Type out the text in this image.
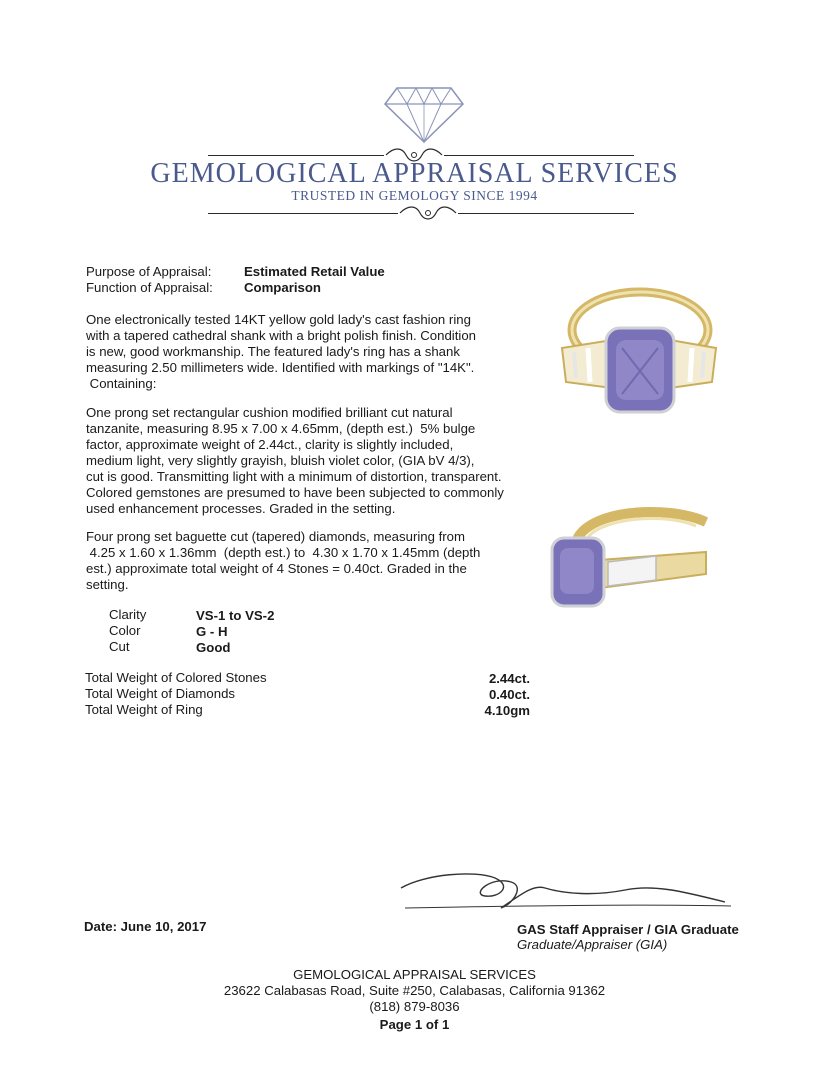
GEMOLOGICAL APPRAISAL SERVICES
TRUSTED IN GEMOLOGY SINCE 1994
Purpose of Appraisal: Estimated Retail Value
Function of Appraisal: Comparison
One electronically tested 14KT yellow gold lady's cast fashion ring
with a tapered cathedral shank with a bright polish finish. Condition
is new, good workmanship. The featured lady's ring has a shank
measuring 2.50 millimeters wide. Identified with markings of "14K".
Containing:
One prong set rectangular cushion modified brilliant cut natural
tanzanite, measuring 8.95 x 7.00 x 4.65mm, (depth est.)  5% bulge
factor, approximate weight of 2.44ct., clarity is slightly included,
medium light, very slightly grayish, bluish violet color, (GIA bV 4/3),
cut is good. Transmitting light with a minimum of distortion, transparent.
Colored gemstones are presumed to have been subjected to commonly
used enhancement processes. Graded in the setting.
Four prong set baguette cut (tapered) diamonds, measuring from
4.25 x 1.60 x 1.36mm  (depth est.) to  4.30 x 1.70 x 1.45mm (depth
est.) approximate total weight of 4 Stones = 0.40ct. Graded in the
setting.
Clarity	VS-1 to VS-2
Color	G - H
Cut	Good
Total Weight of Colored Stones	2.44ct.
Total Weight of Diamonds	0.40ct.
Total Weight of Ring	4.10gm
Date: June 10, 2017	GAS Staff Appraiser / GIA Graduate
Graduate/Appraiser (GIA)
GEMOLOGICAL APPRAISAL SERVICES
23622 Calabasas Road, Suite #250, Calabasas, California 91362
(818) 879-8036
Page 1 of 1
